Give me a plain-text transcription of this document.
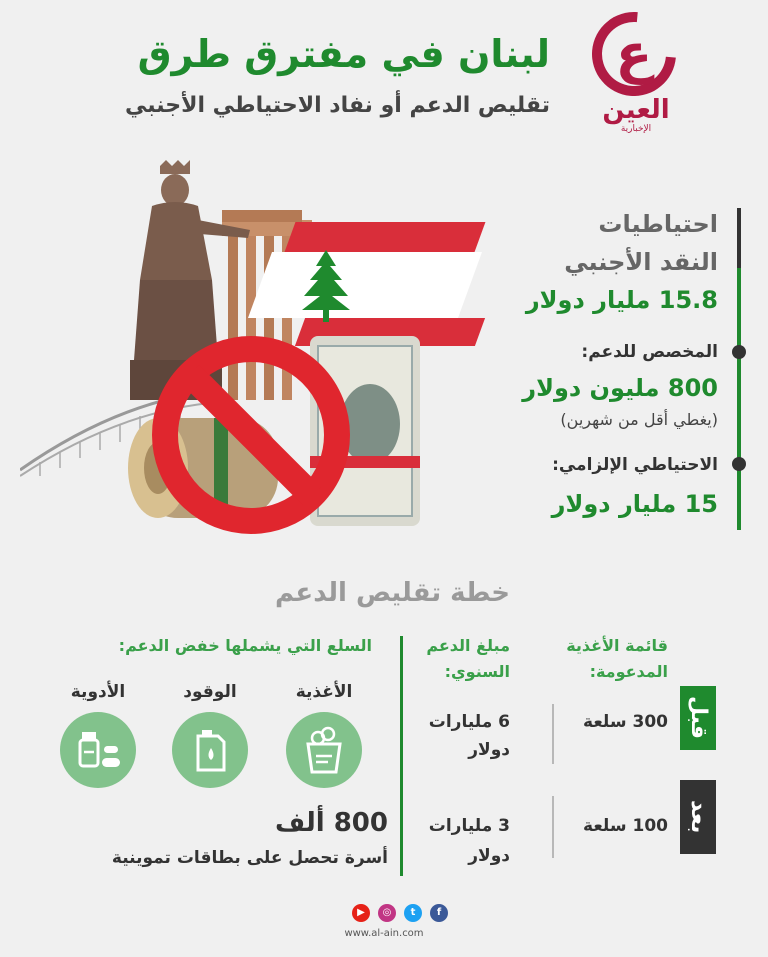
ع
العين
الإخبارية
لبنان في مفترق طرق
تقليص الدعم أو نفاد الاحتياطي الأجنبي
احتياطيات
النقد الأجنبي
15.8 مليار دولار
المخصص للدعم:
800 مليون دولار
(يغطي أقل من شهرين)
الاحتياطي الإلزامي:
15 مليار دولار
خطة تقليص الدعم
قائمة الأغذية
المدعومة:
مبلغ الدعم
السنوي:
السلع التي يشملها خفض الدعم:
قبل
300 سلعة
6 مليارات
دولار
بعد
100 سلعة
3 مليارات
دولار
الأغذية
الوقود
الأدوية
800 ألف
أسرة تحصل على بطاقات تموينية
f
t
◎
▶
www.al-ain.com
